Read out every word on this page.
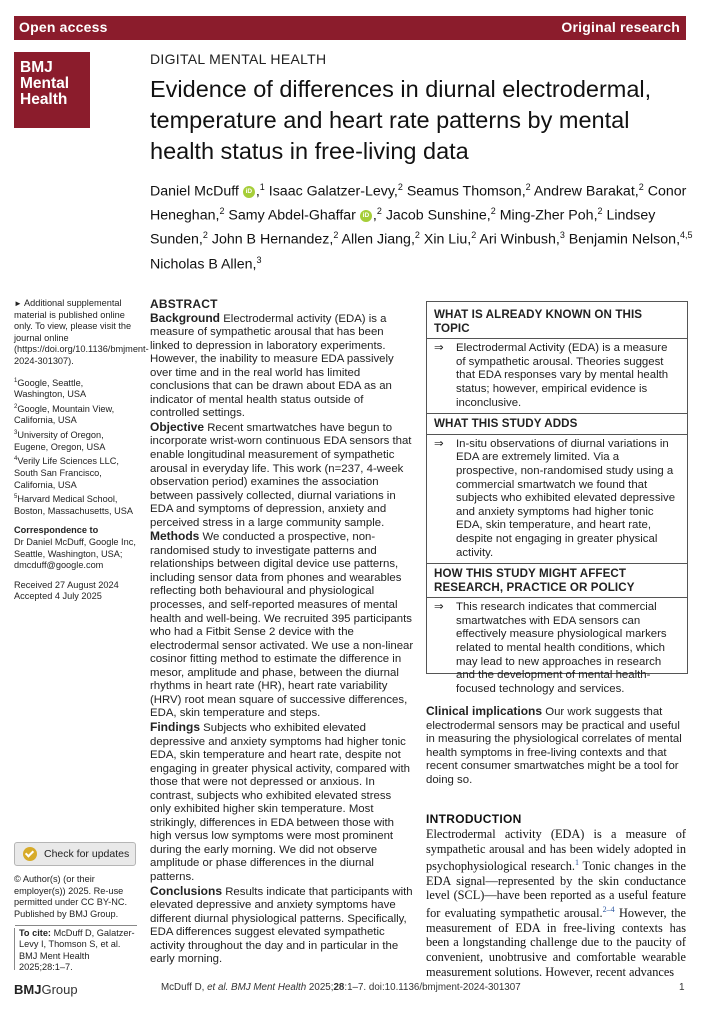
Open access	Original research
BMJ
Mental
Health
DIGITAL MENTAL HEALTH
Evidence of differences in diurnal electrodermal, temperature and heart rate patterns by mental health status in free-living data
Daniel McDuff iD ,$^1$ Isaac Galatzer-Levy,$^2$ Seamus Thomson,$^2$ Andrew Barakat,$^2$ Conor Heneghan,$^2$ Samy Abdel-Ghaffar iD ,$^2$ Jacob Sunshine,$^2$ Ming-Zher Poh,$^2$ Lindsey Sunden,$^2$ John B Hernandez,$^2$ Allen Jiang,$^2$ Xin Liu,$^2$ Ari Winbush,$^3$ Benjamin Nelson,$^{4,5}$ Nicholas B Allen,$^3$

► Additional supplemental material is published online only. To view, please visit the journal online (https://doi.org/10.1136/bmjment-2024-301307).

$^1$Google, Seattle, Washington, USA
$^2$Google, Mountain View, California, USA
$^3$University of Oregon, Eugene, Oregon, USA
$^4$Verily Life Sciences LLC, South San Francisco, California, USA
$^5$Harvard Medical School, Boston, Massachusetts, USA

Correspondence to
Dr Daniel McDuff, Google Inc, Seattle, Washington, USA; dmcduff@google.com

Received 27 August 2024
Accepted 4 July 2025

Check for updates
© Author(s) (or their employer(s)) 2025. Re-use permitted under CC BY-NC. Published by BMJ Group.
To cite: McDuff D, Galatzer-Levy I, Thomson S, et al. BMJ Ment Health 2025;28:1–7.
ABSTRACT
Background Electrodermal activity (EDA) is a measure of sympathetic arousal that has been linked to depression in laboratory experiments. However, the inability to measure EDA passively over time and in the real world has limited conclusions that can be drawn about EDA as an indicator of mental health status outside of controlled settings.
Objective Recent smartwatches have begun to incorporate wrist-worn continuous EDA sensors that enable longitudinal measurement of sympathetic arousal in everyday life. This work (n=237, 4-week observation period) examines the association between passively collected, diurnal variations in EDA and symptoms of depression, anxiety and perceived stress in a large community sample.
Methods We conducted a prospective, non-randomised study to investigate patterns and relationships between digital device use patterns, including sensor data from phones and wearables reflecting both behavioural and physiological processes, and self-reported measures of mental health and well-being. We recruited 395 participants who had a Fitbit Sense 2 device with the electrodermal sensor activated. We use a non-linear cosinor fitting method to estimate the difference in mesor, amplitude and phase, between the diurnal rhythms in heart rate (HR), heart rate variability (HRV) root mean square of successive differences, EDA, skin temperature and steps.
Findings Subjects who exhibited elevated depressive and anxiety symptoms had higher tonic EDA, skin temperature and heart rate, despite not engaging in greater physical activity, compared with those that were not depressed or anxious. In contrast, subjects who exhibited elevated stress only exhibited higher skin temperature. Most strikingly, differences in EDA between those with high versus low symptoms were most prominent during the early morning. We did not observe amplitude or phase differences in the diurnal patterns.
Conclusions Results indicate that participants with elevated depressive and anxiety symptoms have different diurnal physiological patterns. Specifically, EDA differences suggest elevated sympathetic activity throughout the day and in particular in the early morning.
WHAT IS ALREADY KNOWN ON THIS TOPIC
⇒ Electrodermal Activity (EDA) is a measure of sympathetic arousal. Theories suggest that EDA responses vary by mental health status; however, empirical evidence is inconclusive.
WHAT THIS STUDY ADDS
⇒ In-situ observations of diurnal variations in EDA are extremely limited. Via a prospective, non-randomised study using a commercial smartwatch we found that subjects who exhibited elevated depressive and anxiety symptoms had higher tonic EDA, skin temperature, and heart rate, despite not engaging in greater physical activity.
HOW THIS STUDY MIGHT AFFECT RESEARCH, PRACTICE OR POLICY
⇒ This research indicates that commercial smartwatches with EDA sensors can effectively measure physiological markers related to mental health conditions, which may lead to new approaches in research and the development of mental health-focused technology and services.
Clinical implications Our work suggests that electrodermal sensors may be practical and useful in measuring the physiological correlates of mental health symptoms in free-living contexts and that recent consumer smartwatches might be a tool for doing so.
INTRODUCTION
Electrodermal activity (EDA) is a measure of sympathetic arousal and has been widely adopted in psychophysiological research.$^1$ Tonic changes in the EDA signal—represented by the skin conductance level (SCL)—have been reported as a useful feature for evaluating sympathetic arousal.$^{2-4}$ However, the measurement of EDA in free-living contexts has been a longstanding challenge due to the paucity of convenient, unobtrusive and comfortable wearable measurement solutions. However, recent advances
BMJGroup	McDuff D, et al. BMJ Ment Health 2025;28:1–7. doi:10.1136/bmjment-2024-301307	1
